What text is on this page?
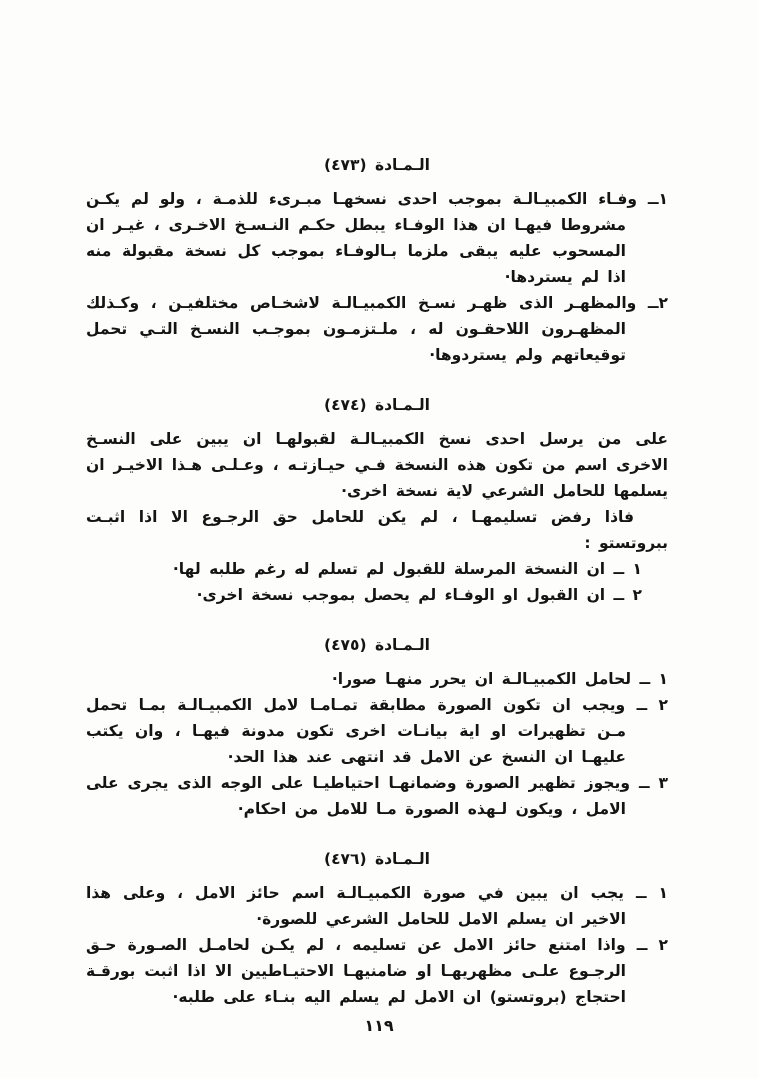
الـمـادة (٤٧٣)

١ــ وفـاء الكمبيـالـة بموجب احدى نسخهـا مبـرىء للذمـة ، ولو لم يكـن مشروطا فيهـا ان هذا الوفـاء يبطل حكـم النـسـخ الاخـرى ، غيـر ان المسحوب عليه يبقى ملزما بـالوفـاء بموجب كل نسخة مقبولة منه اذا لم يستردها·

٢ــ والمظهـر الذى ظهـر نسـخ الكمبيـالـة لاشخـاص مختلفيـن ، وكـذلك المظهـرون اللاحقـون له ، ملـتزمـون بموجـب النسـخ التـي تحمل توقيعاتهم ولم يستردوها·

الـمـادة (٤٧٤)

على من يرسل احدى نسخ الكمبيـالـة لقبولهـا ان يبين على النسـخ الاخرى اسم من تكون هذه النسخة فـي حيـازتـه ، وعـلـى هـذا الاخيـر ان يسلمها للحامل الشرعي لاية نسخة اخرى·

فاذا رفض تسليمهـا ، لم يكن للحامل حق الرجـوع الا اذا اثبـت ببروتستو :

١ ــ ان النسخة المرسلة للقبول لم تسلم له رغم طلبه لها·

٢ ــ ان القبول او الوفـاء لم يحصل بموجب نسخة اخرى·

الـمـادة (٤٧٥)

١ ــ لحامل الكمبيـالـة ان يحرر منهـا صورا·

٢ ــ ويجب ان تكون الصورة مطابقة تمـامـا لامل الكمبيـالـة بمـا تحمل مـن تظهيرات او اية بيانـات اخرى تكون مدونة فيهـا ، وان يكتب عليهـا ان النسخ عن الامل قد انتهى عند هذا الحد·

٣ ــ ويجوز تظهير الصورة وضمانهـا احتياطيـا على الوجه الذى يجرى على الامل ، ويكون لـهذه الصورة مـا للامل من احكام·

الـمـادة (٤٧٦)

١ ــ يجب ان يبين في صورة الكمبيـالـة اسم حائز الامل ، وعلى هذا الاخير ان يسلم الامل للحامل الشرعي للصورة·

٢ ــ واذا امتنع حائز الامل عن تسليمه ، لم يكـن لحامـل الصـورة حـق الرجـوع علـى مظهريهـا او ضامنيهـا الاحتيـاطيين الا اذا اثبت بورقـة احتجاج (بروتستو) ان الامل لم يسلم اليه بنـاء على طلبه·

١١٩
